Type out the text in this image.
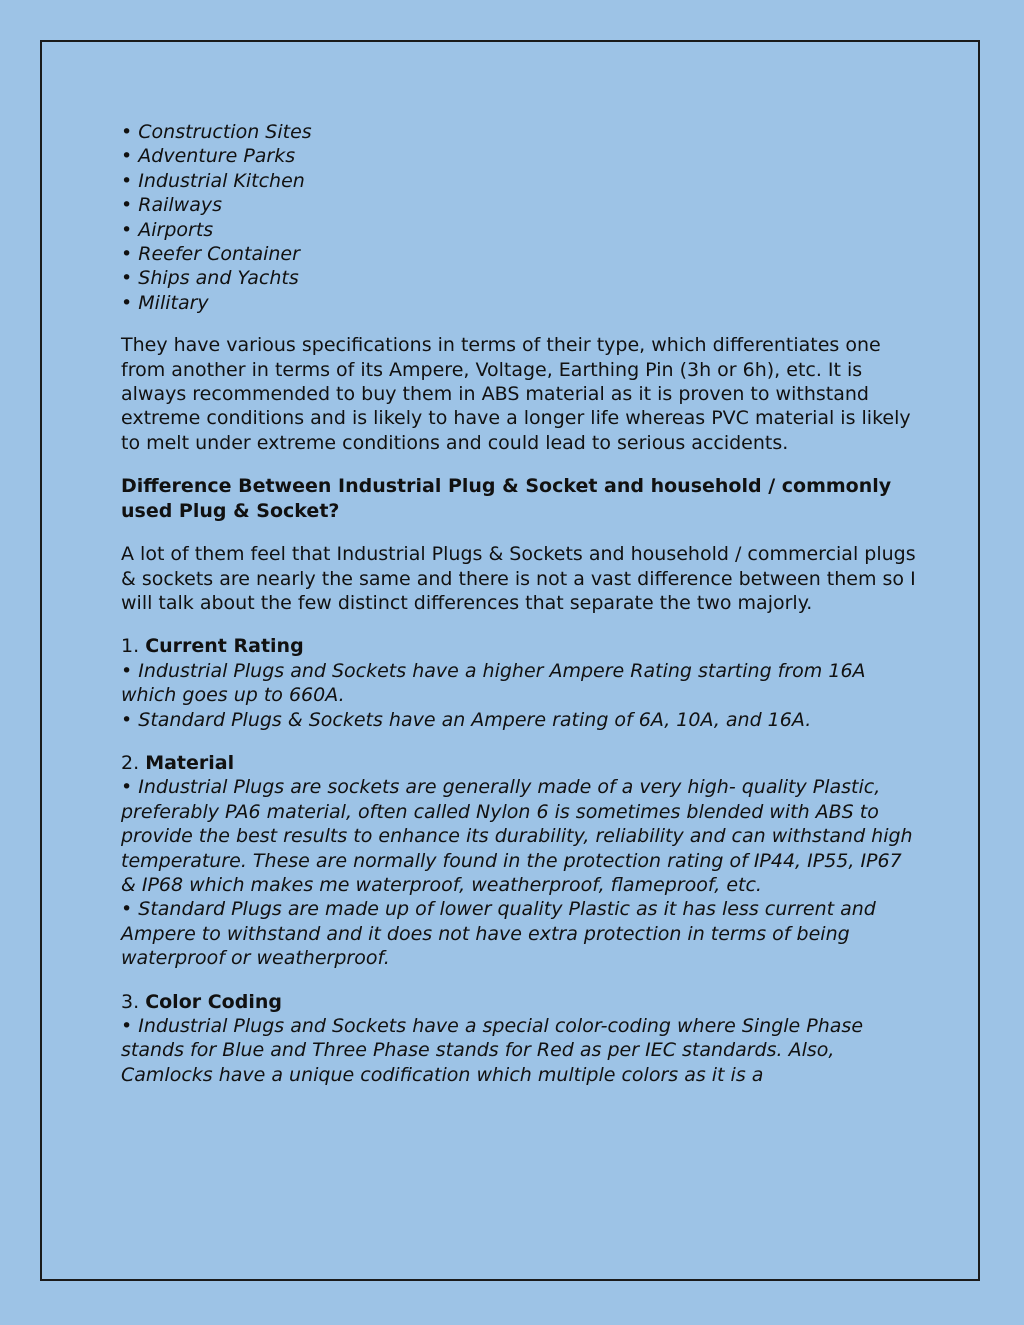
• Construction Sites
• Adventure Parks
• Industrial Kitchen
• Railways
• Airports
• Reefer Container
• Ships and Yachts
• Military

They have various specifications in terms of their type, which differentiates one from another in terms of its Ampere, Voltage, Earthing Pin (3h or 6h), etc. It is always recommended to buy them in ABS material as it is proven to withstand extreme conditions and is likely to have a longer life whereas PVC material is likely to melt under extreme conditions and could lead to serious accidents.

Difference Between Industrial Plug & Socket and household / commonly used Plug & Socket?

A lot of them feel that Industrial Plugs & Sockets and household / commercial plugs & sockets are nearly the same and there is not a vast difference between them so I will talk about the few distinct differences that separate the two majorly.

1. Current Rating
• Industrial Plugs and Sockets have a higher Ampere Rating starting from 16A which goes up to 660A.
• Standard Plugs & Sockets have an Ampere rating of 6A, 10A, and 16A.
2. Material
• Industrial Plugs are sockets are generally made of a very high- quality Plastic, preferably PA6 material, often called Nylon 6 is sometimes blended with ABS to provide the best results to enhance its durability, reliability and can withstand high temperature. These are normally found in the protection rating of IP44, IP55, IP67 & IP68 which makes me waterproof, weatherproof, flameproof, etc.
• Standard Plugs are made up of lower quality Plastic as it has less current and Ampere to withstand and it does not have extra protection in terms of being waterproof or weatherproof.
3. Color Coding
• Industrial Plugs and Sockets have a special color-coding where Single Phase stands for Blue and Three Phase stands for Red as per IEC standards. Also, Camlocks have a unique codification which multiple colors as it is a
